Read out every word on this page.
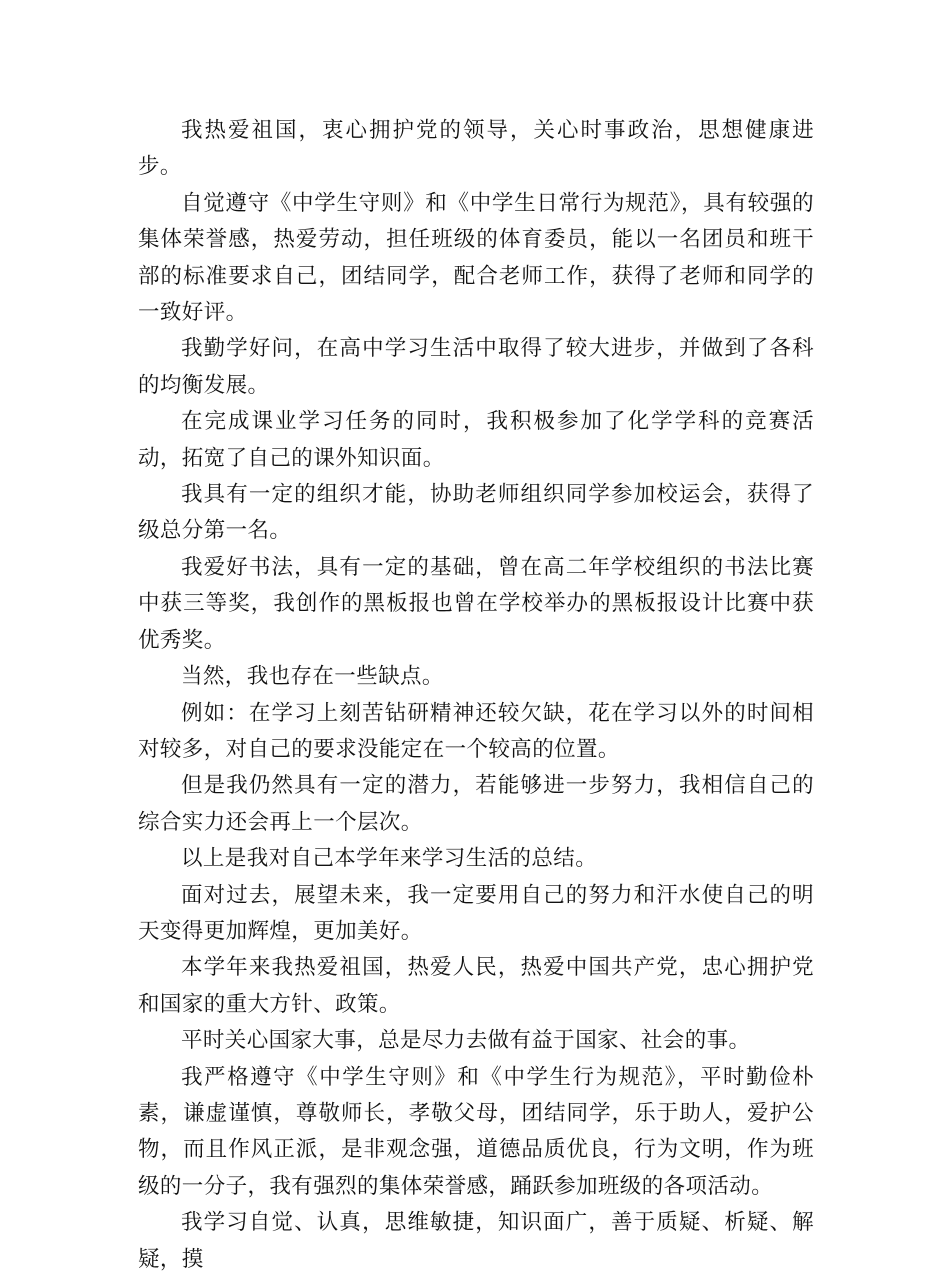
我热爱祖国，衷心拥护党的领导，关心时事政治，思想健康进步。

自觉遵守《中学生守则》和《中学生日常行为规范》，具有较强的集体荣誉感，热爱劳动，担任班级的体育委员，能以一名团员和班干部的标准要求自己，团结同学，配合老师工作，获得了老师和同学的一致好评。

我勤学好问，在高中学习生活中取得了较大进步，并做到了各科的均衡发展。

在完成课业学习任务的同时，我积极参加了化学学科的竞赛活动，拓宽了自己的课外知识面。

我具有一定的组织才能，协助老师组织同学参加校运会，获得了级总分第一名。

我爱好书法，具有一定的基础，曾在高二年学校组织的书法比赛中获三等奖，我创作的黑板报也曾在学校举办的黑板报设计比赛中获优秀奖。

当然，我也存在一些缺点。

例如：在学习上刻苦钻研精神还较欠缺，花在学习以外的时间相对较多，对自己的要求没能定在一个较高的位置。

但是我仍然具有一定的潜力，若能够进一步努力，我相信自己的综合实力还会再上一个层次。

以上是我对自己本学年来学习生活的总结。

面对过去，展望未来，我一定要用自己的努力和汗水使自己的明天变得更加辉煌，更加美好。

本学年来我热爱祖国，热爱人民，热爱中国共产党，忠心拥护党和国家的重大方针、政策。

平时关心国家大事，总是尽力去做有益于国家、社会的事。

我严格遵守《中学生守则》和《中学生行为规范》，平时勤俭朴素，谦虚谨慎，尊敬师长，孝敬父母，团结同学，乐于助人，爱护公物，而且作风正派，是非观念强，道德品质优良，行为文明，作为班级的一分子，我有强烈的集体荣誉感，踊跃参加班级的各项活动。

我学习自觉、认真，思维敏捷，知识面广，善于质疑、析疑、解疑，摸
